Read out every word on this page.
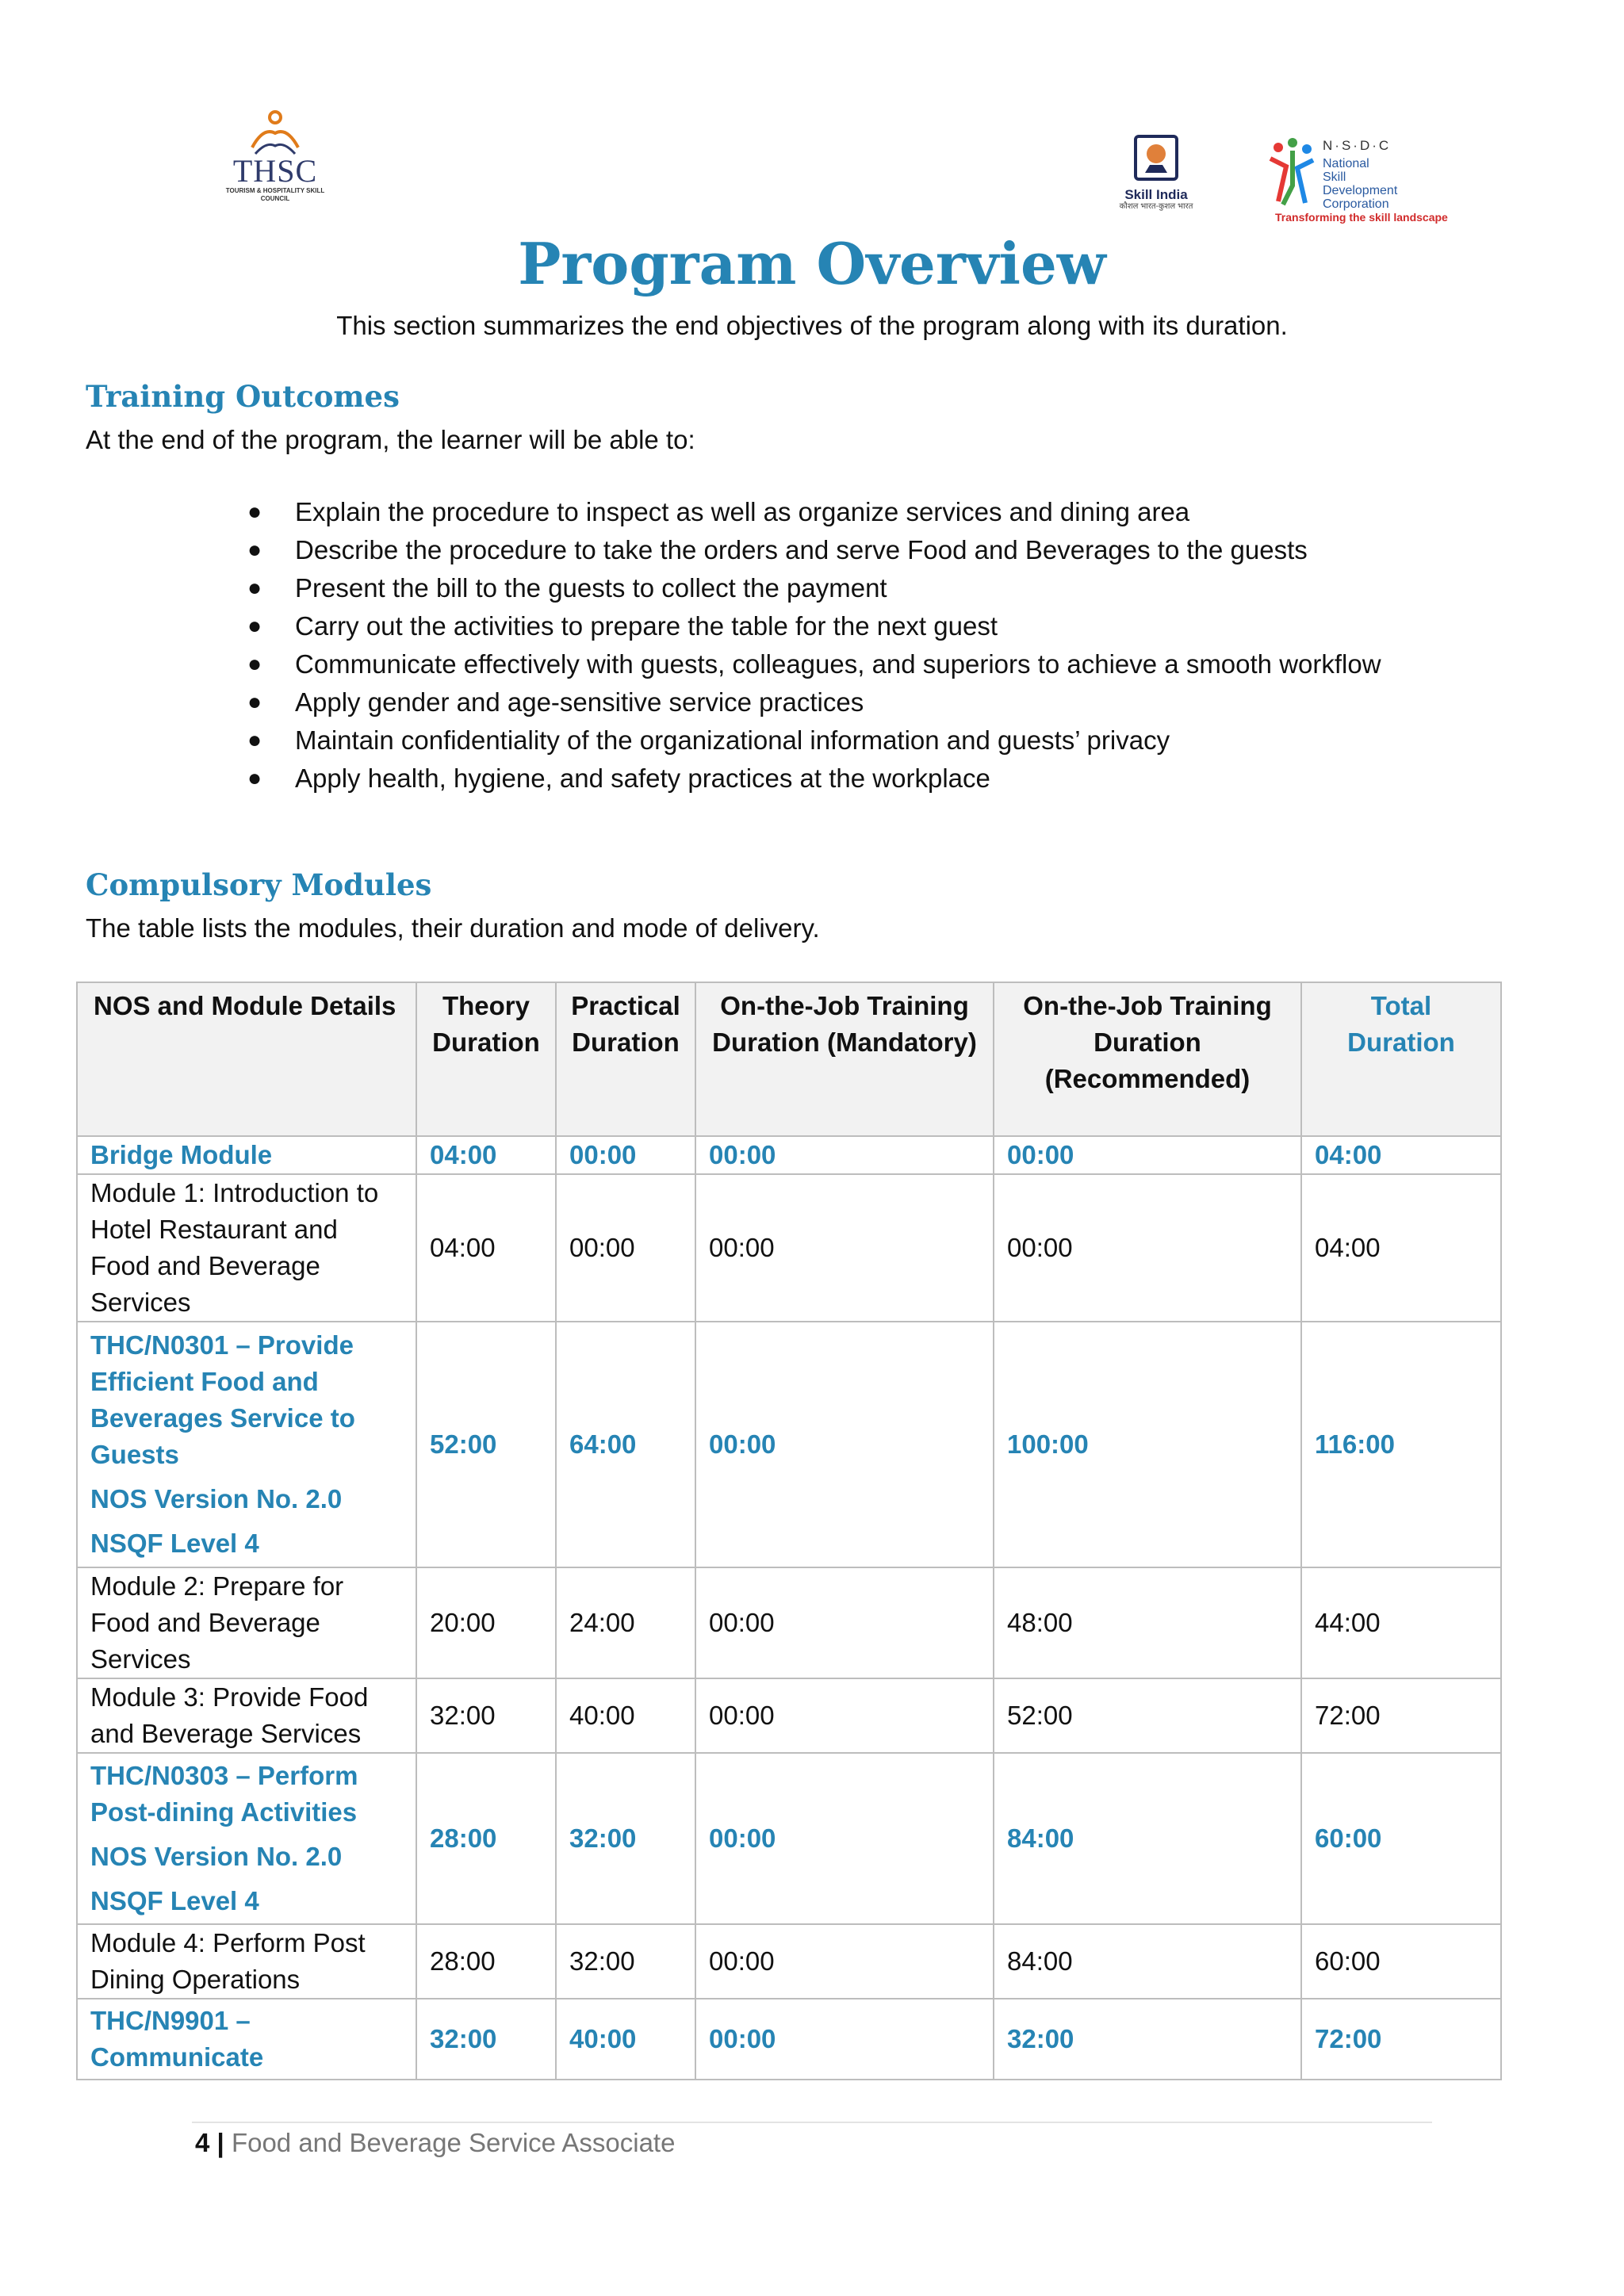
THSC
TOURISM & HOSPITALITY SKILL COUNCIL	Skill India
कौशल भारत-कुशल भारत
N·S·D·C
National
Skill Development
Corporation
Transforming the skill landscape
Program Overview

This section summarizes the end objectives of the program along with its duration.

Training Outcomes

At the end of the program, the learner will be able to:

● Explain the procedure to inspect as well as organize services and dining area
● Describe the procedure to take the orders and serve Food and Beverages to the guests
● Present the bill to the guests to collect the payment
● Carry out the activities to prepare the table for the next guest
● Communicate effectively with guests, colleagues, and superiors to achieve a smooth workflow
● Apply gender and age-sensitive service practices
● Maintain confidentiality of the organizational information and guests’ privacy
● Apply health, hygiene, and safety practices at the workplace
Compulsory Modules

The table lists the modules, their duration and mode of delivery.

NOS and Module Details	Theory Duration	Practical Duration	On-the-Job Training Duration (Mandatory)	On-the-Job Training Duration (Recommended)	Total Duration
Bridge Module	04:00	00:00	00:00	00:00	04:00
Module 1: Introduction to Hotel Restaurant and Food and Beverage Services	04:00	00:00	00:00	00:00	04:00
THC/N0301 – Provide Efficient Food and Beverages Service to Guests
NOS Version No. 2.0
NSQF Level 4	52:00	64:00	00:00	100:00	116:00
Module 2: Prepare for Food and Beverage Services	20:00	24:00	00:00	48:00	44:00
Module 3: Provide Food and Beverage Services	32:00	40:00	00:00	52:00	72:00
THC/N0303 – Perform Post-dining Activities
NOS Version No. 2.0
NSQF Level 4	28:00	32:00	00:00	84:00	60:00
Module 4: Perform Post Dining Operations	28:00	32:00	00:00	84:00	60:00
THC/N9901 – Communicate	32:00	40:00	00:00	32:00	72:00
4 | Food and Beverage Service Associate
